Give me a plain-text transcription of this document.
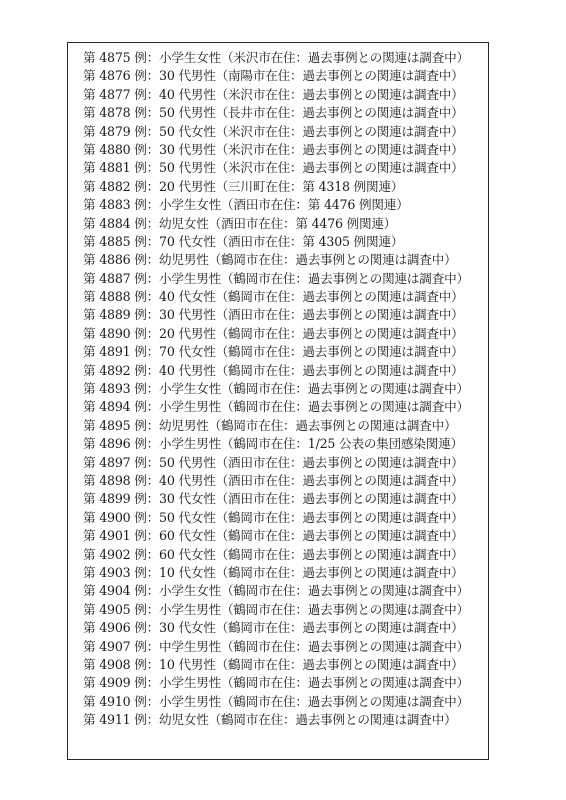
第 4875 例：小学生女性（米沢市在住：過去事例との関連は調査中）
第 4876 例：30 代男性（南陽市在住：過去事例との関連は調査中）
第 4877 例：40 代男性（米沢市在住：過去事例との関連は調査中）
第 4878 例：50 代男性（長井市在住：過去事例との関連は調査中）
第 4879 例：50 代女性（米沢市在住：過去事例との関連は調査中）
第 4880 例：30 代男性（米沢市在住：過去事例との関連は調査中）
第 4881 例：50 代男性（米沢市在住：過去事例との関連は調査中）
第 4882 例：20 代男性（三川町在住：第 4318 例関連）
第 4883 例：小学生女性（酒田市在住：第 4476 例関連）
第 4884 例：幼児女性（酒田市在住：第 4476 例関連）
第 4885 例：70 代女性（酒田市在住：第 4305 例関連）
第 4886 例：幼児男性（鶴岡市在住：過去事例との関連は調査中）
第 4887 例：小学生男性（鶴岡市在住：過去事例との関連は調査中）
第 4888 例：40 代女性（鶴岡市在住：過去事例との関連は調査中）
第 4889 例：30 代男性（酒田市在住：過去事例との関連は調査中）
第 4890 例：20 代男性（鶴岡市在住：過去事例との関連は調査中）
第 4891 例：70 代女性（鶴岡市在住：過去事例との関連は調査中）
第 4892 例：40 代男性（鶴岡市在住：過去事例との関連は調査中）
第 4893 例：小学生女性（鶴岡市在住：過去事例との関連は調査中）
第 4894 例：小学生男性（鶴岡市在住：過去事例との関連は調査中）
第 4895 例：幼児男性（鶴岡市在住：過去事例との関連は調査中）
第 4896 例：小学生男性（鶴岡市在住：1/25 公表の集団感染関連）
第 4897 例：50 代男性（酒田市在住：過去事例との関連は調査中）
第 4898 例：40 代男性（酒田市在住：過去事例との関連は調査中）
第 4899 例：30 代女性（酒田市在住：過去事例との関連は調査中）
第 4900 例：50 代女性（鶴岡市在住：過去事例との関連は調査中）
第 4901 例：60 代女性（鶴岡市在住：過去事例との関連は調査中）
第 4902 例：60 代女性（鶴岡市在住：過去事例との関連は調査中）
第 4903 例：10 代女性（鶴岡市在住：過去事例との関連は調査中）
第 4904 例：小学生女性（鶴岡市在住：過去事例との関連は調査中）
第 4905 例：小学生男性（鶴岡市在住：過去事例との関連は調査中）
第 4906 例：30 代女性（鶴岡市在住：過去事例との関連は調査中）
第 4907 例：中学生男性（鶴岡市在住：過去事例との関連は調査中）
第 4908 例：10 代男性（鶴岡市在住：過去事例との関連は調査中）
第 4909 例：小学生男性（鶴岡市在住：過去事例との関連は調査中）
第 4910 例：小学生男性（鶴岡市在住：過去事例との関連は調査中）
第 4911 例：幼児女性（鶴岡市在住：過去事例との関連は調査中）
